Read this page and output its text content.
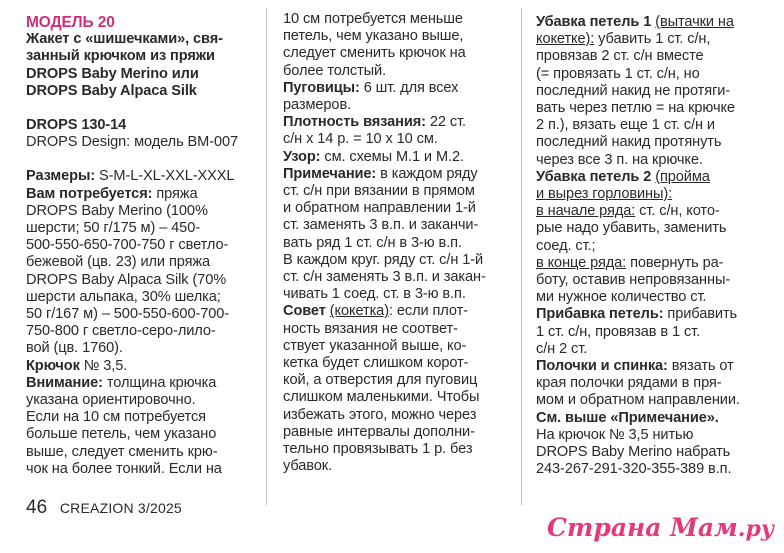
МОДЕЛЬ 20
Жакет с «шишечками», свя-
занный крючком из пряжи
DROPS Baby Merino или
DROPS Baby Alpaca Silk
DROPS 130-14
DROPS Design: модель BM-007
Размеры: S-M-L-XL-XXL-XXXL
Вам потребуется: пряжа
DROPS Baby Merino (100%
шерсти; 50 г/175 м) – 450-
500-550-650-700-750 г светло-
бежевой (цв. 23) или пряжа
DROPS Baby Alpaca Silk (70%
шерсти альпака, 30% шелка;
50 г/167 м) – 500-550-600-700-
750-800 г светло-серо-лило-
вой (цв. 1760).
Крючок № 3,5.
Внимание: толщина крючка
указана ориентировочно.
Если на 10 см потребуется
больше петель, чем указано
выше, следует сменить крю-
чок на более тонкий. Если на
10 см потребуется меньше
петель, чем указано выше,
следует сменить крючок на
более толстый.
Пуговицы: 6 шт. для всех
размеров.
Плотность вязания: 22 ст.
с/н х 14 р. = 10 х 10 см.
Узор: см. схемы М.1 и М.2.
Примечание: в каждом ряду
ст. с/н при вязании в прямом
и обратном направлении 1-й
ст. заменять 3 в.п. и заканчи-
вать ряд 1 ст. с/н в 3-ю в.п.
В каждом круг. ряду ст. с/н 1-й
ст. с/н заменять 3 в.п. и закан-
чивать 1 соед. ст. в 3-ю в.п.
Совет (кокетка): если плот-
ность вязания не соответ-
ствует указанной выше, ко-
кетка будет слишком корот-
кой, а отверстия для пуговиц
слишком маленькими. Чтобы
избежать этого, можно через
равные интервалы дополни-
тельно провязывать 1 р. без
убавок.
Убавка петель 1 (вытачки на
кокетке): убавить 1 ст. с/н,
провязав 2 ст. с/н вместе
(= провязать 1 ст. с/н, но
последний накид не протяги-
вать через петлю = на крючке
2 п.), вязать еще 1 ст. с/н и
последний накид протянуть
через все 3 п. на крючке.
Убавка петель 2 (пройма
и вырез горловины):
в начале ряда: ст. с/н, кото-
рые надо убавить, заменить
соед. ст.;
в конце ряда: повернуть ра-
боту, оставив непровязанны-
ми нужное количество ст.
Прибавка петель: прибавить
1 ст. с/н, провязав в 1 ст.
с/н 2 ст.
Полочки и спинка: вязать от
края полочки рядами в пря-
мом и обратном направлении.
См. выше «Примечание».
На крючок № 3,5 нитью
DROPS Baby Merino набрать
243-267-291-320-355-389 в.п.
46 CREAZION 3/2025
Страна Мам.ру
